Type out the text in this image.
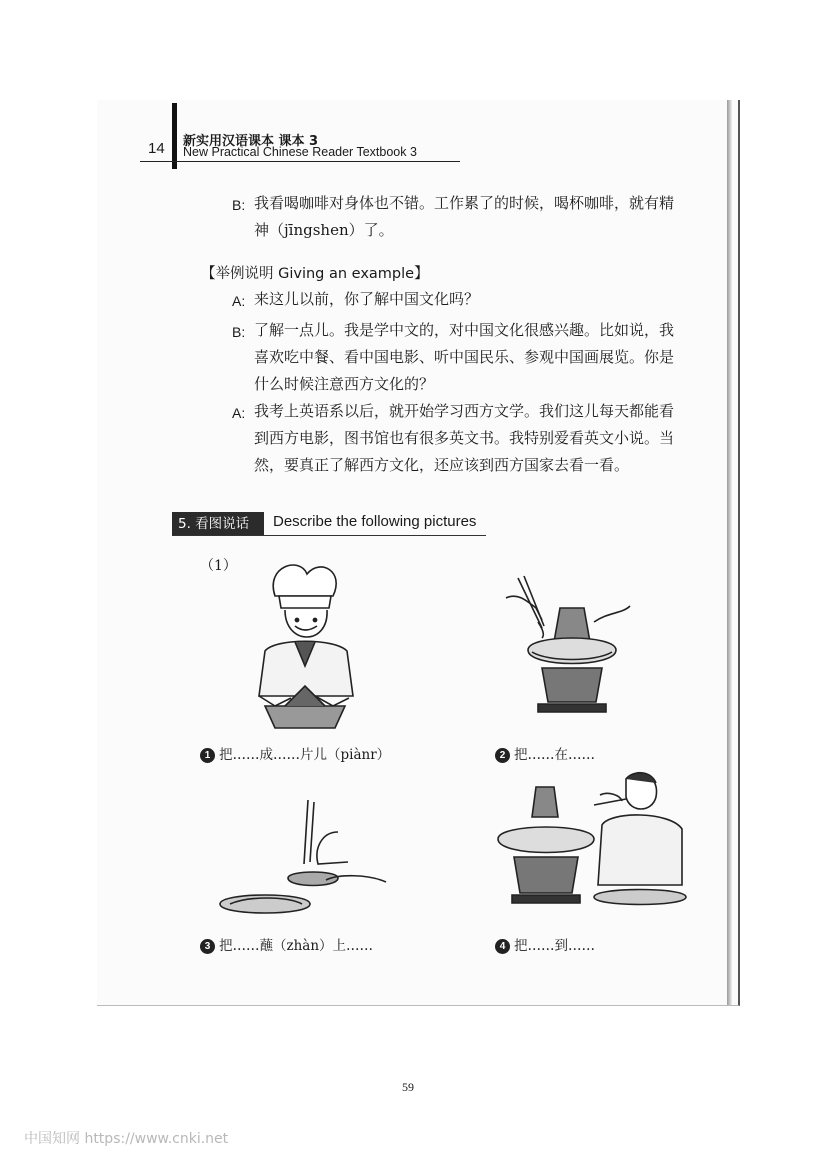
14 新实用汉语课本 课本 3
New Practical Chinese Reader Textbook 3
B: 我看喝咖啡对身体也不错。工作累了的时候，喝杯咖啡，就有精
神（jīngshen）了。
【举例说明 Giving an example】
A: 来这儿以前，你了解中国文化吗？
B: 了解一点儿。我是学中文的，对中国文化很感兴趣。比如说，我
喜欢吃中餐、看中国电影、听中国民乐、参观中国画展览。你是
什么时候注意西方文化的？
A: 我考上英语系以后，就开始学习西方文学。我们这儿每天都能看
到西方电影，图书馆也有很多英文书。我特别爱看英文小说。当
然，要真正了解西方文化，还应该到西方国家去看一看。
5. 看图说话	Describe the following pictures
（1）
1 把……成……片儿（piànr）	2 把……在……
3 把……蘸（zhàn）上……	4 把……到……
59
中国知网 https://www.cnki.net
